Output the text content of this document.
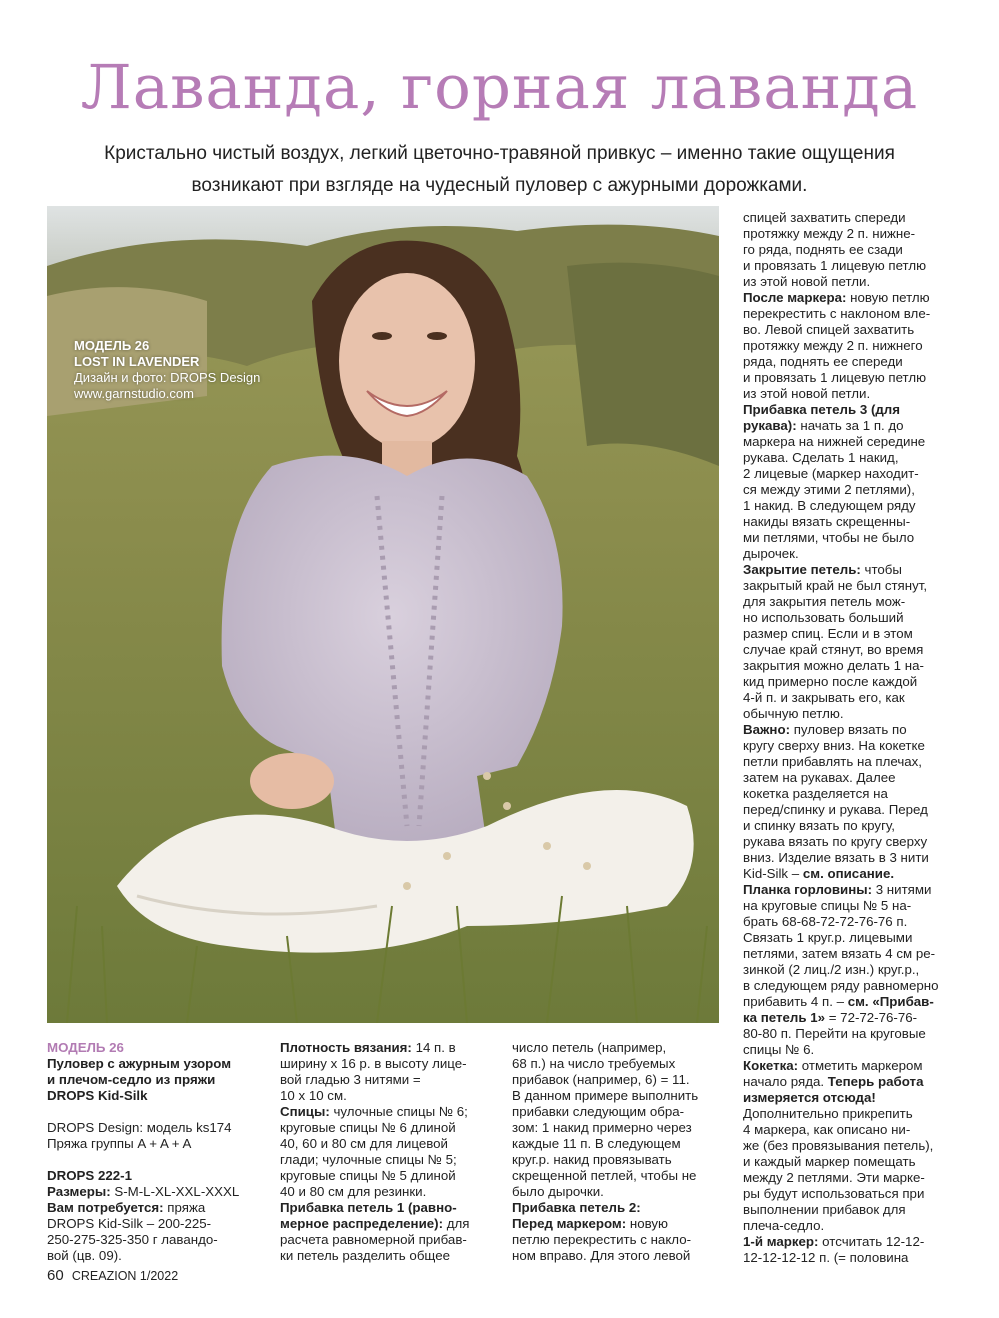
Лаванда, горная лаванда
Кристально чистый воздух, легкий цветочно-травяной привкус – именно такие ощущения
возникают при взгляде на чудесный пуловер с ажурными дорожками.
МОДЕЛЬ 26
LOST IN LAVENDER
Дизайн и фото: DROPS Design
www.garnstudio.com

МОДЕЛЬ 26

Пуловер с ажурным узором

и плечом-седло из пряжи

DROPS Kid-Silk

DROPS Design: модель ks174

Пряжа группы A + A + A

DROPS 222-1

Размеры: S-M-L-XL-XXL-XXXL

Вам потребуется: пряжа

DROPS Kid-Silk – 200-225-

250-275-325-350 г лавандо-

вой (цв. 09).

Плотность вязания: 14 п. в

ширину х 16 р. в высоту лице-

вой гладью 3 нитями =

10 х 10 см.

Спицы: чулочные спицы № 6;

круговые спицы № 6 длиной

40, 60 и 80 см для лицевой

глади; чулочные спицы № 5;

круговые спицы № 5 длиной

40 и 80 см для резинки.

Прибавка петель 1 (равно-

мерное распределение): для

расчета равномерной прибав-

ки петель разделить общее

число петель (например,

68 п.) на число требуемых

прибавок (например, 6) = 11.

В данном примере выполнить

прибавки следующим обра-

зом: 1 накид примерно через

каждые 11 п. В следующем

круг.р. накид провязывать

скрещенной петлей, чтобы не

было дырочки.

Прибавка петель 2:

Перед маркером: новую

петлю перекрестить с накло-

ном вправо. Для этого левой

спицей захватить спереди

протяжку между 2 п. нижне-

го ряда, поднять ее сзади

и провязать 1 лицевую петлю

из этой новой петли.

После маркера: новую петлю

перекрестить с наклоном вле-

во. Левой спицей захватить

протяжку между 2 п. нижнего

ряда, поднять ее спереди

и провязать 1 лицевую петлю

из этой новой петли.

Прибавка петель 3 (для

рукава): начать за 1 п. до

маркера на нижней середине

рукава. Сделать 1 накид,

2 лицевые (маркер находит-

ся между этими 2 петлями),

1 накид. В следующем ряду

накиды вязать скрещенны-

ми петлями, чтобы не было

дырочек.

Закрытие петель: чтобы

закрытый край не был стянут,

для закрытия петель мож-

но использовать больший

размер спиц. Если и в этом

случае край стянут, во время

закрытия можно делать 1 на-

кид примерно после каждой

4-й п. и закрывать его, как

обычную петлю.

Важно: пуловер вязать по

кругу сверху вниз. На кокетке

петли прибавлять на плечах,

затем на рукавах. Далее

кокетка разделяется на

перед/спинку и рукава. Перед

и спинку вязать по кругу,

рукава вязать по кругу сверху

вниз. Изделие вязать в 3 нити

Kid-Silk – см. описание.

Планка горловины: 3 нитями

на круговые спицы № 5 на-

брать 68-68-72-72-76-76 п.

Связать 1 круг.р. лицевыми

петлями, затем вязать 4 см ре-

зинкой (2 лиц./2 изн.) круг.р.,

в следующем ряду равномерно

прибавить 4 п. – см. «Прибав-

ка петель 1» = 72-72-76-76-

80-80 п. Перейти на круговые

спицы № 6.

Кокетка: отметить маркером

начало ряда. Теперь работа

измеряется отсюда!

Дополнительно прикрепить

4 маркера, как описано ни-

же (без провязывания петель),

и каждый маркер помещать

между 2 петлями. Эти марке-

ры будут использоваться при

выполнении прибавок для

плеча-седло.

1-й маркер: отсчитать 12-12-

12-12-12-12 п. (= половина

60 CREAZION 1/2022
